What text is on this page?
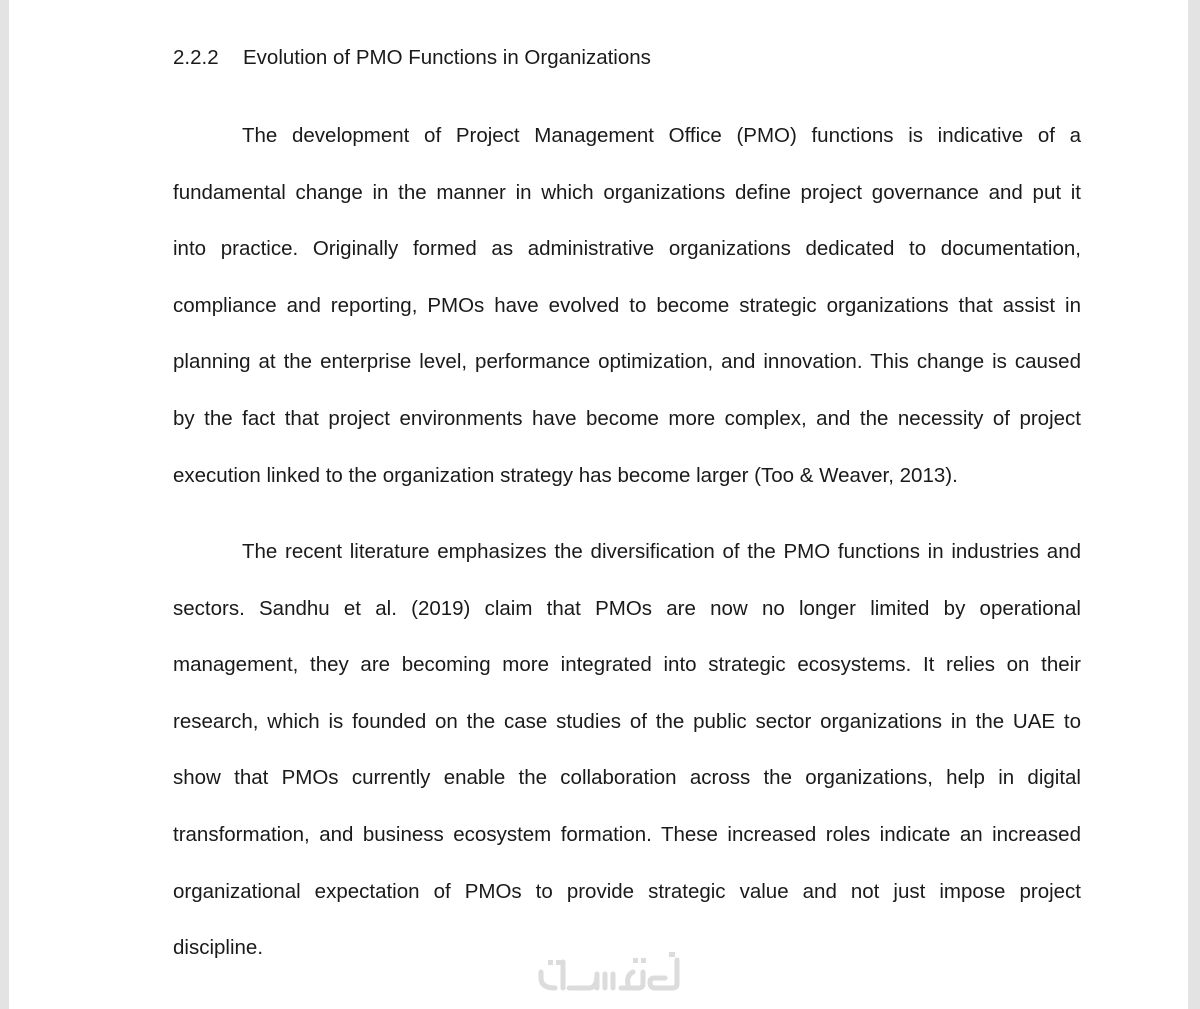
2.2.2 Evolution of PMO Functions in Organizations
The development of Project Management Office (PMO) functions is indicative of a
fundamental change in the manner in which organizations define project governance and put it
into practice. Originally formed as administrative organizations dedicated to documentation,
compliance and reporting, PMOs have evolved to become strategic organizations that assist in
planning at the enterprise level, performance optimization, and innovation. This change is caused
by the fact that project environments have become more complex, and the necessity of project
execution linked to the organization strategy has become larger (Too & Weaver, 2013).
The recent literature emphasizes the diversification of the PMO functions in industries and
sectors. Sandhu et al. (2019) claim that PMOs are now no longer limited by operational
management, they are becoming more integrated into strategic ecosystems. It relies on their
research, which is founded on the case studies of the public sector organizations in the UAE to
show that PMOs currently enable the collaboration across the organizations, help in digital
transformation, and business ecosystem formation. These increased roles indicate an increased
organizational expectation of PMOs to provide strategic value and not just impose project
discipline.
